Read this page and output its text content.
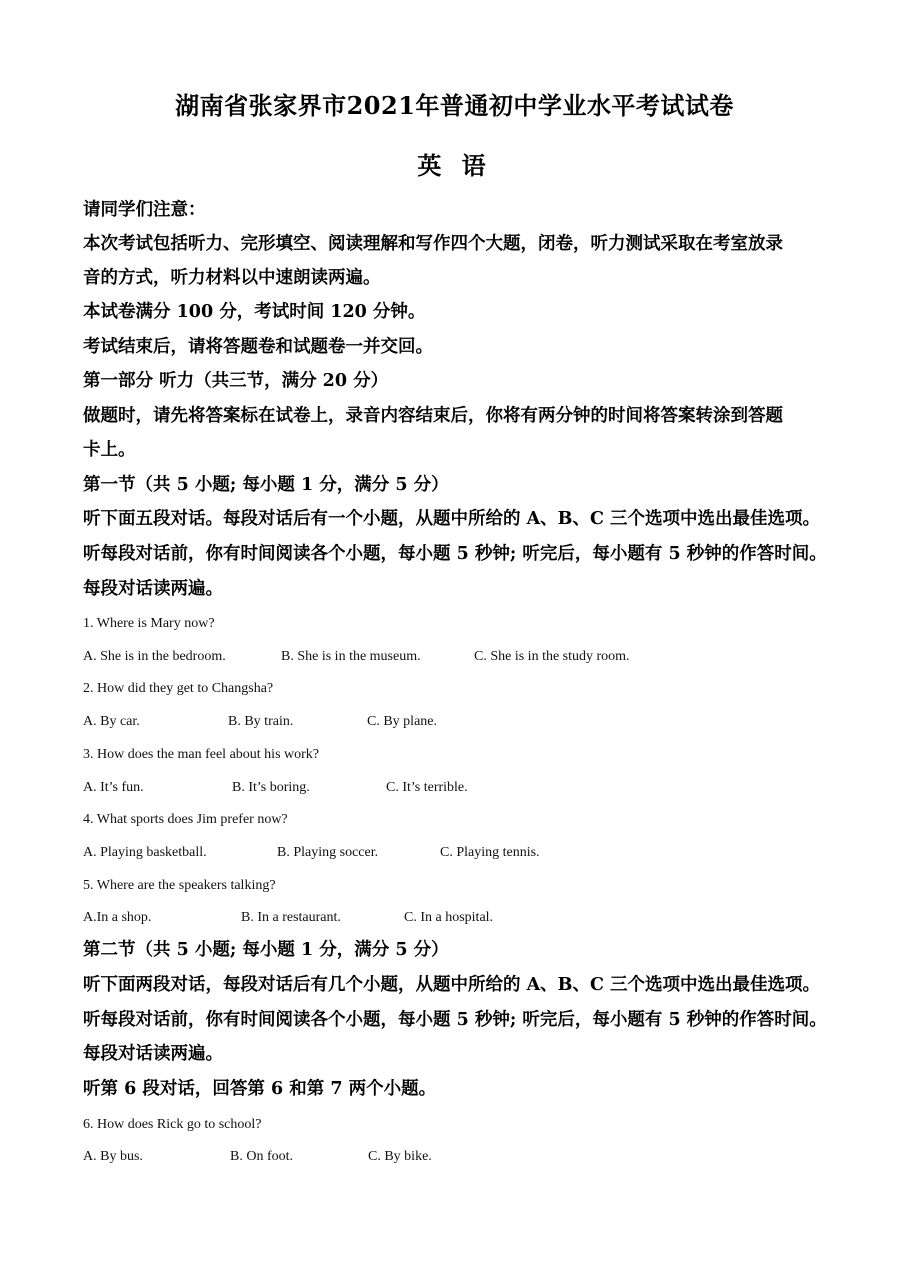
湖南省张家界市2021年普通初中学业水平考试试卷
英 语
请同学们注意：
本次考试包括听力、完形填空、阅读理解和写作四个大题，闭卷，听力测试采取在考室放录
音的方式，听力材料以中速朗读两遍。
本试卷满分 100 分，考试时间 120 分钟。
考试结束后，请将答题卷和试题卷一并交回。
第一部分 听力（共三节，满分 20 分）
做题时，请先将答案标在试卷上，录音内容结束后，你将有两分钟的时间将答案转涂到答题
卡上。
第一节（共 5 小题; 每小题 1 分，满分 5 分）
听下面五段对话。每段对话后有一个小题，从题中所给的 A、B、C 三个选项中选出最佳选项。
听每段对话前，你有时间阅读各个小题，每小题 5 秒钟; 听完后，每小题有 5 秒钟的作答时间。
每段对话读两遍。
1. Where is Mary now?
A. She is in the bedroom.	B. She is in the museum.	C. She is in the study room.
2. How did they get to Changsha?
A. By car.	B. By train.	C. By plane.
3. How does the man feel about his work?
A. It’s fun.	B. It’s boring.	C. It’s terrible.
4. What sports does Jim prefer now?
A. Playing basketball.	B. Playing soccer.	C. Playing tennis.
5. Where are the speakers talking?
A.In a shop.	B. In a restaurant.	C. In a hospital.
第二节（共 5 小题; 每小题 1 分，满分 5 分）
听下面两段对话，每段对话后有几个小题，从题中所给的 A、B、C 三个选项中选出最佳选项。
听每段对话前，你有时间阅读各个小题，每小题 5 秒钟; 听完后，每小题有 5 秒钟的作答时间。
每段对话读两遍。
听第 6 段对话，回答第 6 和第 7 两个小题。
6. How does Rick go to school?
A. By bus.	B. On foot.	C. By bike.
